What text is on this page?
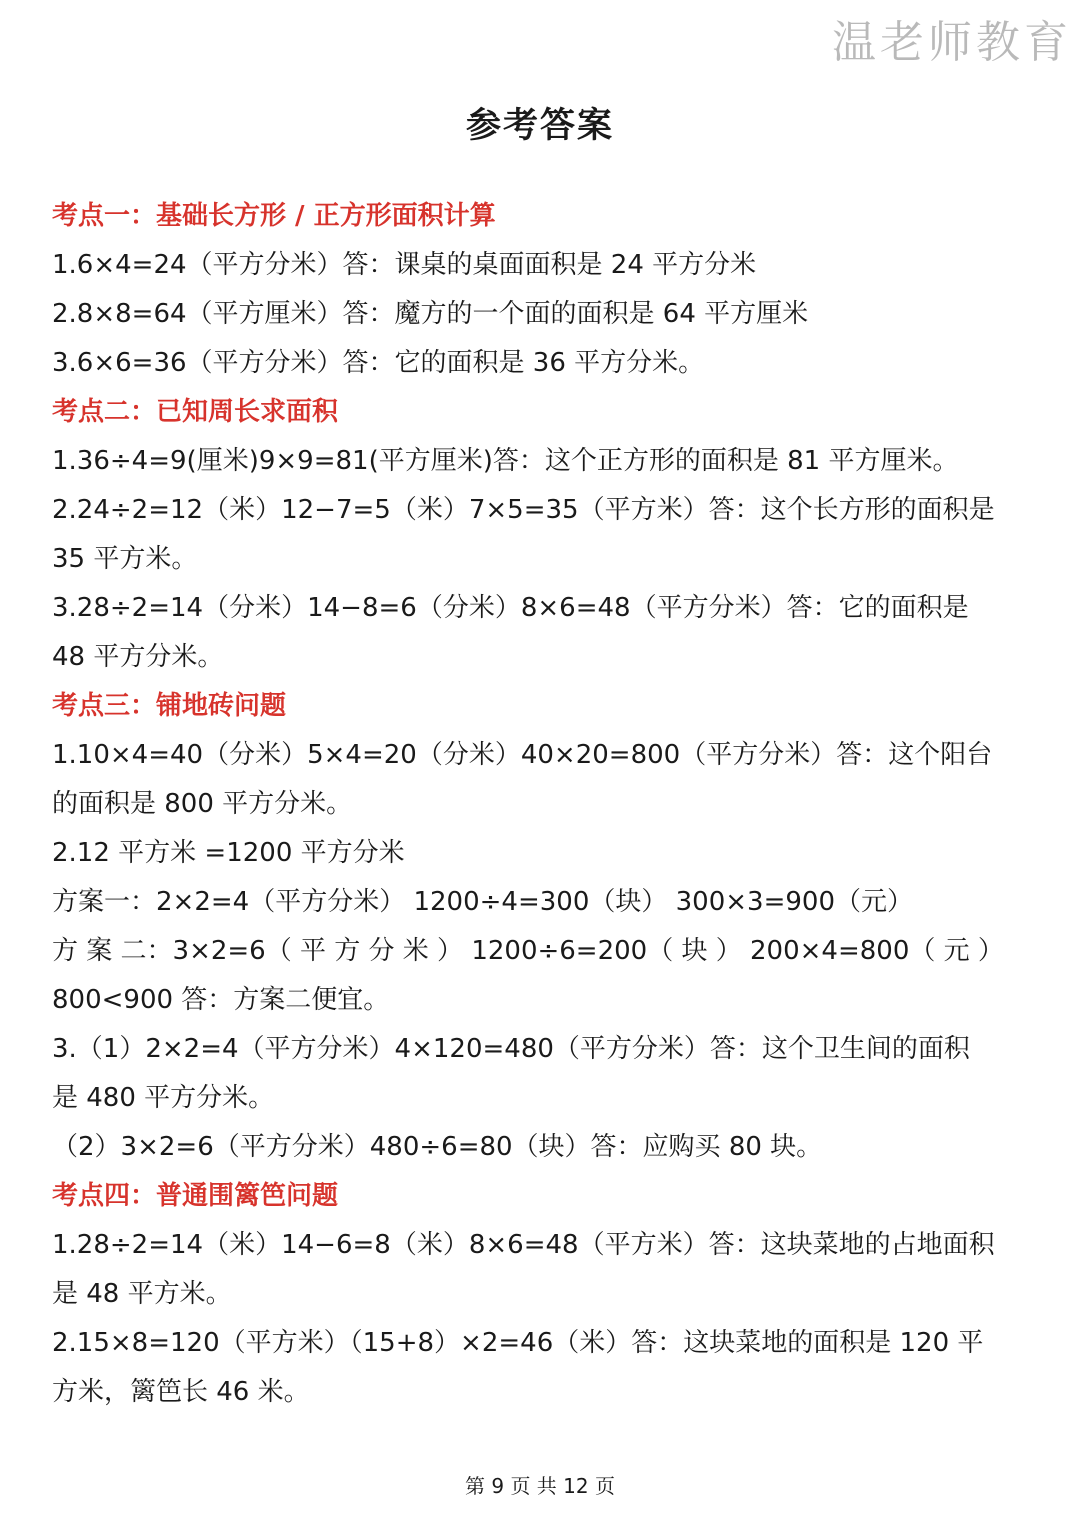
温老师教育
参考答案
考点一：基础长方形 / 正方形面积计算
1.6×4=24（平方分米）答：课桌的桌面面积是 24 平方分米
2.8×8=64（平方厘米）答：魔方的一个面的面积是 64 平方厘米
3.6×6=36（平方分米）答：它的面积是 36 平方分米。
考点二：已知周长求面积
1.36÷4=9(厘米)9×9=81(平方厘米)答：这个正方形的面积是 81 平方厘米。
2.24÷2=12（米）12−7=5（米）7×5=35（平方米）答：这个长方形的面积是
35 平方米。
3.28÷2=14（分米）14−8=6（分米）8×6=48（平方分米）答：它的面积是
48 平方分米。
考点三：铺地砖问题
1.10×4=40（分米）5×4=20（分米）40×20=800（平方分米）答：这个阳台
的面积是 800 平方分米。
2.12 平方米 =1200 平方分米
方案一：2×2=4（平方分米） 1200÷4=300（块） 300×3=900（元）
方 案 二：3×2=6（ 平 方 分 米 ） 1200÷6=200（ 块 ） 200×4=800（ 元 ）
800<900 答：方案二便宜。
3.（1）2×2=4（平方分米）4×120=480（平方分米）答：这个卫生间的面积
是 480 平方分米。
（2）3×2=6（平方分米）480÷6=80（块）答：应购买 80 块。
考点四：普通围篱笆问题
1.28÷2=14（米）14−6=8（米）8×6=48（平方米）答：这块菜地的占地面积
是 48 平方米。
2.15×8=120（平方米）（15+8）×2=46（米）答：这块菜地的面积是 120 平
方米，篱笆长 46 米。
第 9 页 共 12 页
